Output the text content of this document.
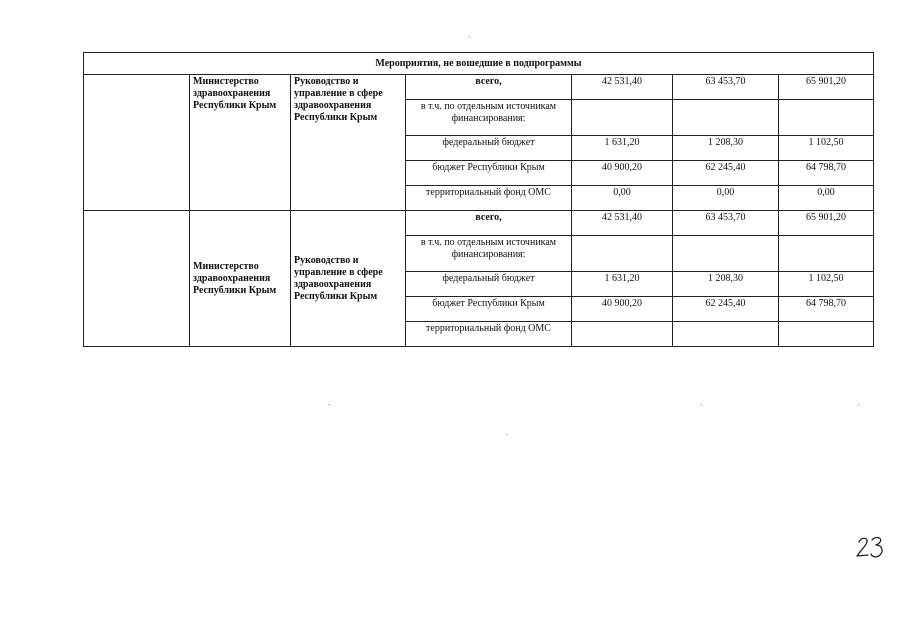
Мероприятия, не вошедшие в подпрограммы						
	Министерство здравоохранения Республики Крым	Руководство и управление в сфере здравоохранения Республики Крым	всего,	42 531,40	63 453,70	65 901,20
			в т.ч. по отдельным источникам финансирования:			
			федеральный бюджет	1 631,20	1 208,30	1 102,50
			бюджет Республики Крым	40 900,20	62 245,40	64 798,70
			территориальный фонд ОМС	0,00	0,00	0,00
	Министерство здравоохранения Республики Крым	Руководство и управление в сфере здравоохранения Республики Крым	всего,	42 531,40	63 453,70	65 901,20
			в т.ч. по отдельным источникам финансирования:			
			федеральный бюджет	1 631,20	1 208,30	1 102,50
			бюджет Республики Крым	40 900,20	62 245,40	64 798,70
			территориальный фонд ОМС			
